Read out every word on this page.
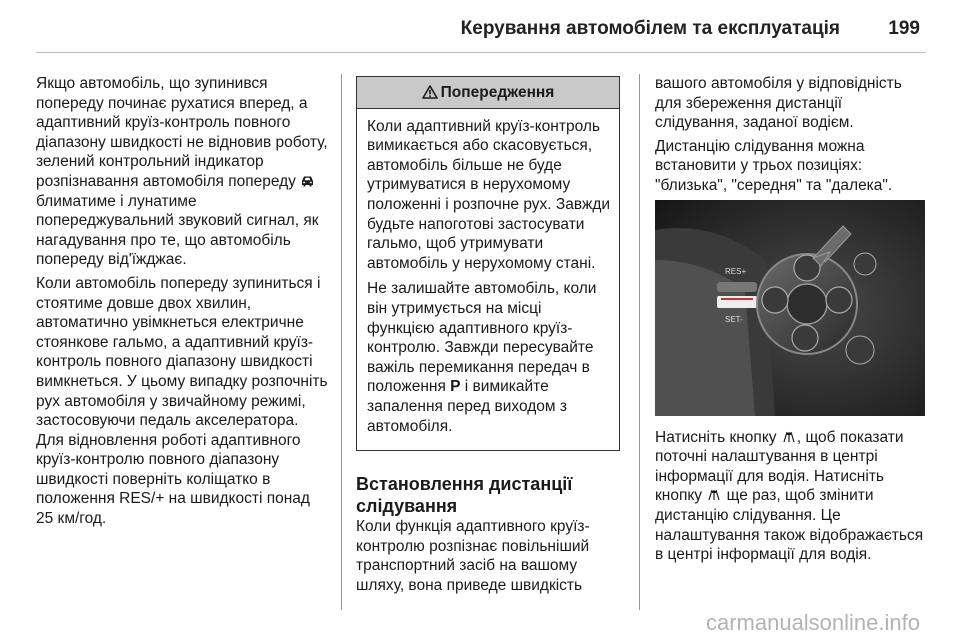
Керування автомобілем та експлуатація	199

Якщо автомобіль, що зупинився попереду починає рухатися вперед, а адаптивний круїз-контроль повного діапазону швидкості не відновив роботу, зелений контрольний індикатор розпізнавання автомобіля попереду  блиматиме і лунатиме попереджувальний звуковий сигнал, як нагадування про те, що автомобіль попереду від'їжджає.

Коли автомобіль попереду зупиниться і стоятиме довше двох хвилин, автоматично увімкнеться електричне стоянкове гальмо, а адаптивний круїз-контроль повного діапазону швидкості вимкнеться. У цьому випадку розпочніть рух автомобіля у звичайному режимі, застосовуючи педаль акселератора. Для відновлення роботі адаптивного круїз-контролю повного діапазону швидкості поверніть коліщатко в положення RES/+ на швидкості понад 25 км/год.

Попередження

Коли адаптивний круїз-контроль вимикається або скасовується, автомобіль більше не буде утримуватися в нерухомому положенні і розпочне рух. Завжди будьте напоготові застосувати гальмо, щоб утримувати автомобіль у нерухомому стані.

Не залишайте автомобіль, коли він утримується на місці функцією адаптивного круїз-контролю. Завжди пересувайте важіль перемикання передач в положення P і вимикайте запалення перед виходом з автомобіля.

Встановлення дистанції слідування

Коли функція адаптивного круїз-контролю розпізнає повільніший транспортний засіб на вашому шляху, вона приведе швидкість

вашого автомобіля у відповідність для збереження дистанції слідування, заданої водієм.

Дистанцію слідування можна встановити у трьох позиціях: "близька", "середня" та "далека".

RES+
SET-

Натисніть кнопку , щоб показати поточні налаштування в центрі інформації для водія. Натисніть кнопку  ще раз, щоб змінити дистанцію слідування. Це налаштування також відображається в центрі інформації для водія.

carmanualsonline.info
